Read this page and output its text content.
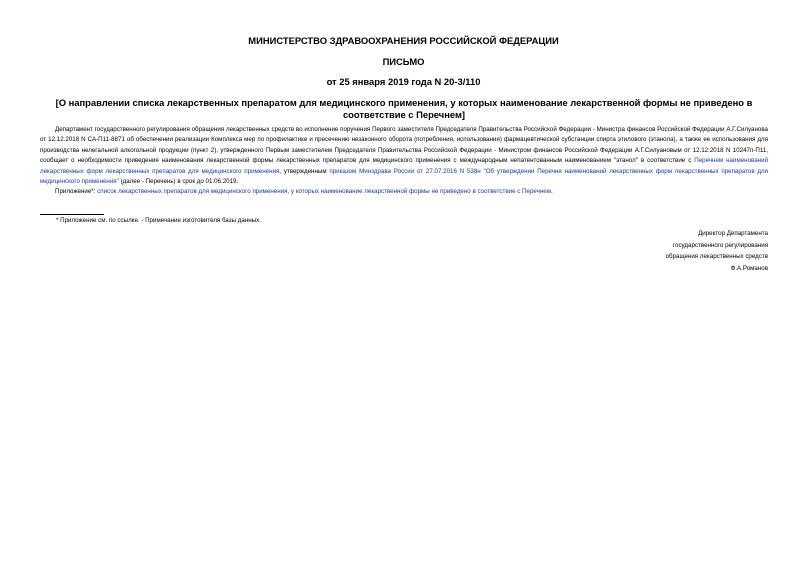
МИНИСТЕРСТВО ЗДРАВООХРАНЕНИЯ РОССИЙСКОЙ ФЕДЕРАЦИИ
ПИСЬМО
от 25 января 2019 года N 20-3/110
[О направлении списка лекарственных препаратом для медицинского применения, у которых наименование лекарственной формы не приведено в соответствие с Перечнем]

Департамент государственного регулирования обращения лекарственных средств во исполнение поручения Первого заместителя Председателя Правительства Российской Федерации - Министра финансов Российской Федерации А.Г.Силуанова от 12.12.2018 N СА-П11-8871 об обеспечении реализации Комплекса мер по профилактике и пресечению незаконного оборота (потребления, использования) фармацевтической субстанции спирта этилового (этанола), а также ее использования для производства нелегальной алкогольной продукции (пункт 2), утвержденного Первым заместителем Председателя Правительства Российской Федерации - Министром финансов Российской Федерации А.Г.Силуановым от 12.12.2018 N 10247п-П11, сообщает о необходимости приведения наименования лекарственной формы лекарственных препаратов для медицинского применения с международным непатентованным наименованием "этанол" в соответствие с Перечнем наименований лекарственных форм лекарственных препаратов для медицинского применения, утвержденным приказом Минздрава России от 27.07.2016 N 538н "Об утверждении Перечня наименований лекарственных форм лекарственных препаратов для медицинского применения" (далее - Перечень) в срок до 01.06.2019.

Приложение*: список лекарственных препаратов для медицинского применения, у которых наименование лекарственной формы не приведено в соответствие с Перечнем.

* Приложение см. по ссылке. - Примечание изготовителя базы данных.
Директор Департамента
государственного регулирования
обращения лекарственных средств
Ф.А.Романов
